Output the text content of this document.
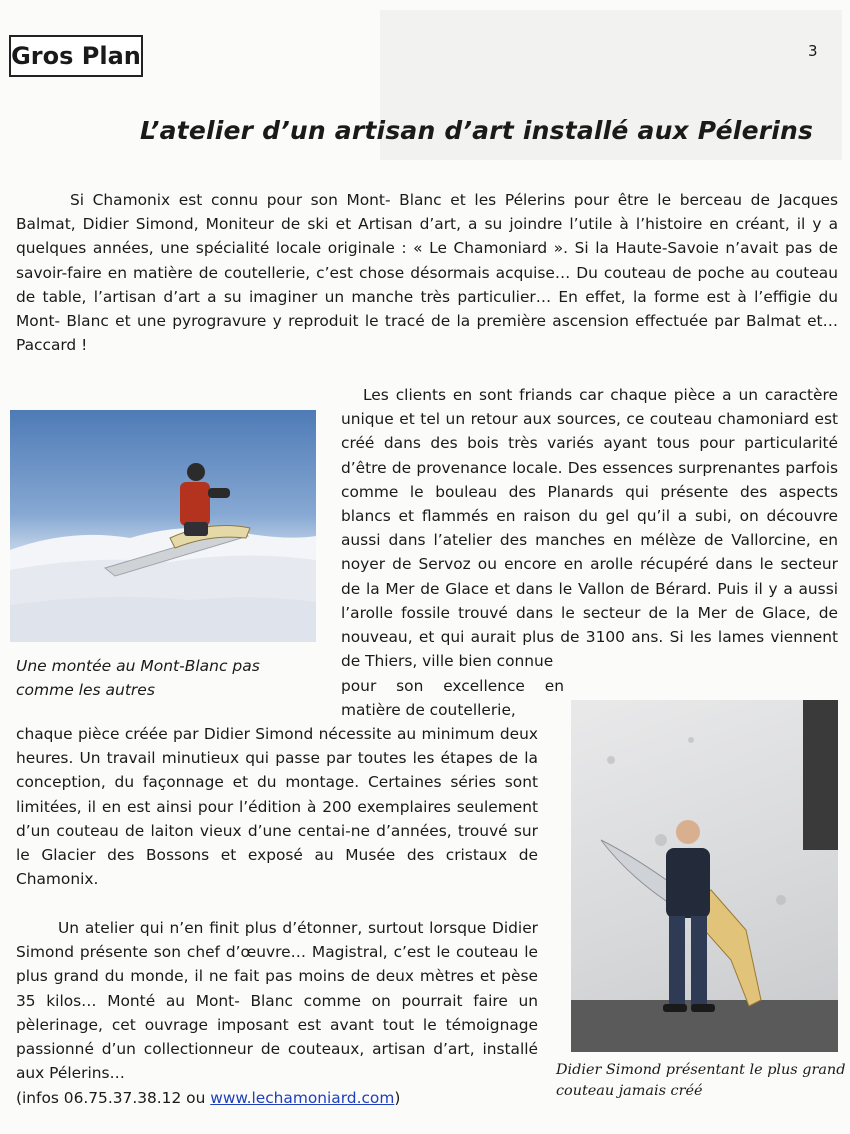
Gros Plan	3
L’atelier d’un artisan d’art installé aux Pélerins

Si Chamonix est connu pour son Mont- Blanc et les Pélerins pour être le berceau de Jacques Balmat, Didier Simond, Moniteur de ski et Artisan d’art, a su joindre l’utile à l’histoire en créant, il y a quelques années, une spécialité locale originale : « Le Chamoniard ». Si la Haute-Savoie n’avait pas de savoir-faire en matière de coutellerie, c’est chose désormais acquise… Du couteau de poche au couteau de table, l’artisan d’art a su imaginer un manche très particulier… En effet, la forme est à l’effigie du Mont- Blanc et une pyrogravure y reproduit le tracé de la première ascension effectuée par Balmat et… Paccard !

Une montée au Mont-Blanc pas comme les autres

Les clients en sont friands car chaque pièce a un caractère unique et tel un retour aux sources, ce couteau chamoniard est créé dans des bois très variés ayant tous pour particularité d’être de provenance locale. Des essences surprenantes parfois comme le bouleau des Planards qui présente des aspects blancs et flammés en raison du gel qu’il a subi, on découvre aussi dans l’atelier des manches en mélèze de Vallorcine, en noyer de Servoz ou encore en arolle récupéré dans le secteur de la Mer de Glace et dans le Vallon de Bérard. Puis il y a aussi l’arolle fossile trouvé dans le secteur de la Mer de Glace, de nouveau, et qui aurait plus de 3100 ans. Si les lames viennent de Thiers, ville bien connue

pour son excellence en matière de coutellerie,

chaque pièce créée par Didier Simond nécessite au minimum deux heures. Un travail minutieux qui passe par toutes les étapes de la conception, du façonnage et du montage. Certaines séries sont limitées, il en est ainsi pour l’édition à 200 exemplaires seulement d’un couteau de laiton vieux d’une centai-ne d’années, trouvé sur le Glacier des Bossons et exposé au Musée des cristaux de Chamonix.

Un atelier qui n’en finit plus d’étonner, surtout lorsque Didier Simond présente son chef d’œuvre… Magistral, c’est le couteau le plus grand du monde, il ne fait pas moins de deux mètres et pèse 35 kilos… Monté au Mont- Blanc comme on pourrait faire un pèlerinage, cet ouvrage imposant est avant tout le témoignage passionné d’un collectionneur de couteaux, artisan d’art, installé aux Pélerins…

(infos 06.75.37.38.12 ou www.lechamoniard.com)

Didier Simond présentant le plus grand couteau jamais créé
